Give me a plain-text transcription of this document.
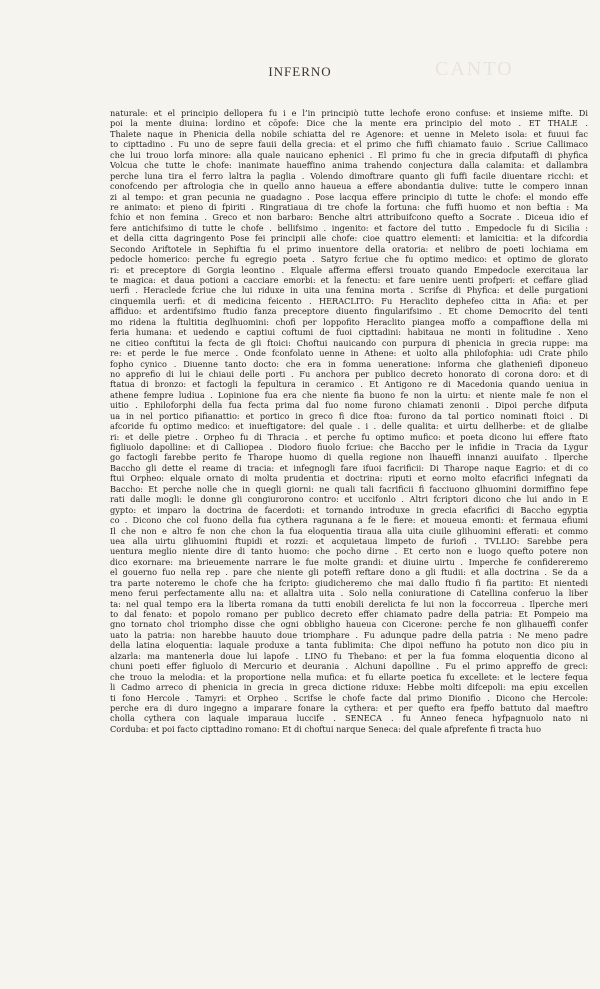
CANTO
INFERNO
naturale: et el principio dellopera fu i e l’in principiò tutte lechofe erono confuse: et insieme mifte. Di
poi la mente diuina: lordino et cōpofe: Dice che la mente era principio del moto . ET THALE .
Thalete naque in Phenicia della nobile schiatta del re Agenore: et uenne in Meleto isola: et fuuui fac
to cipttadino . Fu uno de sepre fauii della grecia: et el primo che fuffi chiamato fauio . Scriue Callimaco
che lui trouo lorfa minore: alla quale nauicano ephenici . El primo fu che in grecia difputaffi di phyfica
Volcua che tutte le chofe: inanimate haueffino anima trahendo conjectura dalla calamita: et dallambra
perche luna tira el ferro laltra la paglia . Volendo dimoftrare quanto gli fuffi facile diuentare ricchi: et
conofcendo per aftrologia che in quello anno haueua a effere abondantia dulive: tutte le compero innan
zi al tempo: et gran pecunia ne guadagno . Pose lacqua effere principio di tutte le chofe: el mondo effe
re animato: et pieno di fpiriti . Ringratiaua di tre chofe la fortuna: che fuffi huomo et non beftia : Ma
fchio et non femina . Greco et non barbaro: Benche altri attribuifcono quefto a Socrate . Diceua idio ef
fere antichifsimo di tutte le chofe . bellifsimo . ingenito: et factore del tutto . Empedocle fu di Sicilia :
et della citta dagringento Pose fei principii alle chofe: cioe quattro elementi: et lamicitia: et la difcordia
Secondo Ariftotele in Sephiftia fu el primo inuentore della oratoria: et nelibro de poeti lochiama em
pedocle homerico: perche fu egregio poeta . Satyro fcriue che fu optimo medico: et optimo de glorato
ri: et preceptore di Gorgia leontino . Elquale afferma effersi trouato quando Empedocle exercitaua lar
te magica: et daua potioni a cacciare emorbi: et la fenectu: et fare uenire uenti profperi: et ceffare gliad
uerfi . Heraclede fcriue che lui riduxe in uita una femina morta . Scrifse di Phyfica: et delle purgationi
cinquemila uerfi: et di medicina feicento . HERACLITO: Fu Heraclito dephefeo citta in Afia: et per
affiduo: et ardentifsimo ftudio fanza preceptore diuento fingularifsimo . Et chome Democrito del tenti
mo ridena la ftultitia deglhuomini: chofi per loppofito Heraclito piangea moffo a compaffione della mi
feria humana: et uedendo e captiui coftumi de fuoi cipttadini: habitaua ne monti in folitudine . Xeno
ne citieo conftitui la fecta de gli ftoici: Choftui nauicando con purpura di phenicia in grecia ruppe: ma
re: et perde le fue merce . Onde fconfolato uenne in Athene: et uolto alla philofophia: udi Crate philo
fopho cynico . Diuenne tanto docto: che era in fomma ueneratione: informa che glatheniefi diponeuo
no apprefio di lui le chiaui delle porti . Fu anchora per publico decreto honorato di corona doro: et di
ftatua di bronzo: et factogli la fepultura in ceramico . Et Antigono re di Macedonia quando ueniua in
athene fempre ludiua . Lopinione fua era che niente fia buono fe non la uirtu: et niente male fe non el
uitio . Ephiloforphi della fua fecta prima dal fuo nome furono chiamati zenonii . Dipoi perche difputa
ua in nel portico pifianattio: et portico in greco fi dice ftoa: furono da tal portico nominati ftoici . Di
afcoride fu optimo medico: et inueftigatore: del quale . i . delle qualita: et uirtu dellherbe: et de glialbe
ri: et delle pietre . Orpheo fu di Thracia . et perche fu optimo mufico: et poeta dicono lui effere ftato
figliuolo dapolline: et di Calliopea . Diodoro fiuolo fcriue: che Baccho per le infidie in Tracia da Lygur
go factogli farebbe perito fe Tharope huomo di quella regione non lhaueffi innanzi auuifato . Ilperche
Baccho gli dette el reame di tracia: et infegnogli fare ifuoi facrificii: Di Tharope naque Eagrio: et di co
ftui Orpheo: elquale ornato di molta prudentia et doctrina: riputi et eorno molto efacrifici infegnati da
Baccho: Et perche nolle che in quegli giorni: ne quali tali facrificii fi facciuono glhuomini dormiffino fepe
rati dalle mogli: le donne gli congiurorono contro: et uccifonlo . Altri fcriptori dicono che lui ando in E
gypto: et imparo la doctrina de facerdoti: et tornando introduxe in grecia efacrifici di Baccho egyptia
co . Dicono che col fuono della fua cythera ragunana a fe le fiere: et moueua emonti: et fermaua efiumi
Il che non e altro fe non che chon la fua eloquentia tiraua alla uita ciuile glihuomini efferati: et commo
uea alla uirtu glihuomini ftupidi et rozzi: et acquietaua limpeto de furiofi . TVLLIO: Sarebbe pera
uentura meglio niente dire di tanto huomo: che pocho dirne . Et certo non e luogo quefto potere non
dico exornare: ma brieuemente narrare le fue molte grandi: et diuine uirtu . Imperche fe confidereremo
el gouerno fuo nella rep . pare che niente gli poteffi reftare dono a gli ftudii: et alla doctrina . Se da a
tra parte noteremo le chofe che ha fcripto: giudicheremo che mai dallo ftudio fi fia partito: Et nientedi
meno ferui perfectamente allu na: et allaltra uita . Solo nella coniuratione di Catellina conferuo la liber
ta: nel qual tempo era la liberta romana da tutti enobili derelicta fe lui non la foccorreua . Ilperche meri
to dal fenato: et popolo romano per publico decreto effer chiamato padre della patria: Et Pompeio ma
gno tornato chol triompho disse che ogni obbligho haueua con Cicerone: perche fe non glihaueffi confer
uato la patria: non harebbe hauuto doue triomphare . Fu adunque padre della patria : Ne meno padre
della latina eloquentia: laquale produxe a tanta fublimita: Che dipoi neffuno ha potuto non dico piu in
alzarla: ma mantenerla doue lui lapofe . LINO fu Thebano: et per la fua fomma eloquentia dicono al
chuni poeti effer figluolo di Mercurio et deurania . Alchuni dapolline . Fu el primo appreffo de greci:
che trouo la melodia: et la proportione nella mufica: et fu ellarte poetica fu excellete: et le lectere fequa
li Cadmo arreco di phenicia in grecia in greca dictione riduxe: Hebbe molti difcepoli: ma epiu excellen
ti fono Hercole . Tamyri: et Orpheo . Scrifse le chofe facte dal primo Dionifio . Dicono che Hercole:
perche era di duro ingegno a imparare fonare la cythera: et per quefto era fpeffo battuto dal maeftro
cholla cythera con laquale imparaua luccife . SENECA . fu Anneo feneca hyfpagnuolo nato ni
Corduba: et poi facto cipttadino romano: Et di choftui narque Seneca: del quale afprefente fi tracta huo
